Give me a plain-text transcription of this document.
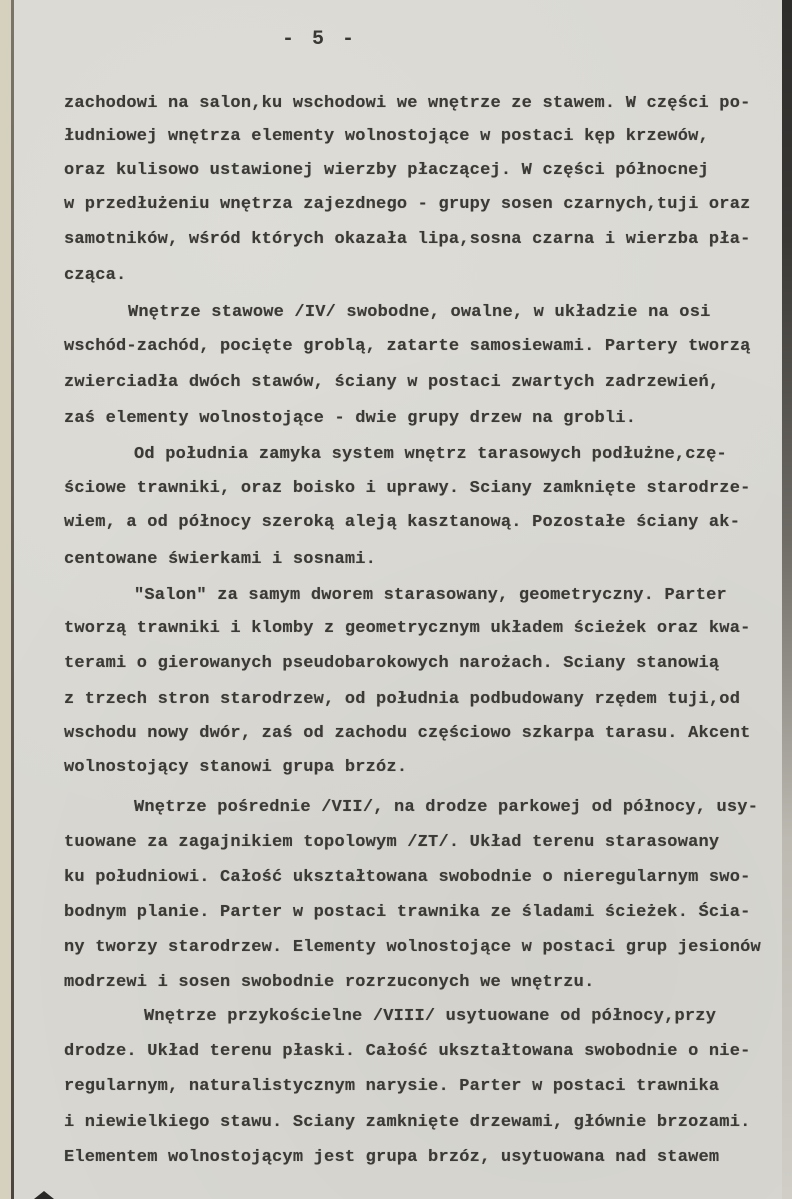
- 5 -
zachodowi na salon,ku wschodowi we wnętrze ze stawem. W części po-
łudniowej wnętrza elementy wolnostojące w postaci kęp krzewów,
oraz kulisowo ustawionej wierzby płaczącej. W części północnej
w przedłużeniu wnętrza zajezdnego - grupy sosen czarnych,tuji oraz
samotników, wśród których okazała lipa,sosna czarna i wierzba pła-
cząca.
Wnętrze stawowe /IV/ swobodne, owalne, w układzie na osi
wschód-zachód, pocięte groblą, zatarte samosiewami. Partery tworzą
zwierciadła dwóch stawów, ściany w postaci zwartych zadrzewień,
zaś elementy wolnostojące - dwie grupy drzew na grobli.
Od południa zamyka system wnętrz tarasowych podłużne,czę-
ściowe trawniki, oraz boisko i uprawy. Sciany zamknięte starodrze-
wiem, a od północy szeroką aleją kasztanową. Pozostałe ściany ak-
centowane świerkami i sosnami.
"Salon" za samym dworem starasowany, geometryczny. Parter
tworzą trawniki i klomby z geometrycznym układem ścieżek oraz kwa-
terami o gierowanych pseudobarokowych narożach. Sciany stanowią
z trzech stron starodrzew, od południa podbudowany rzędem tuji,od
wschodu nowy dwór, zaś od zachodu częściowo szkarpa tarasu. Akcent
wolnostojący stanowi grupa brzóz.
Wnętrze pośrednie /VII/, na drodze parkowej od północy, usy-
tuowane za zagajnikiem topolowym /ZT/. Układ terenu starasowany
ku południowi. Całość ukształtowana swobodnie o nieregularnym swo-
bodnym planie. Parter w postaci trawnika ze śladami ścieżek. Ścia-
ny tworzy starodrzew. Elementy wolnostojące w postaci grup jesionów
modrzewi i sosen swobodnie rozrzuconych we wnętrzu.
Wnętrze przykościelne /VIII/ usytuowane od północy,przy
drodze. Układ terenu płaski. Całość ukształtowana swobodnie o nie-
regularnym, naturalistycznym narysie. Parter w postaci trawnika
i niewielkiego stawu. Sciany zamknięte drzewami, głównie brzozami.
Elementem wolnostojącym jest grupa brzóz, usytuowana nad stawem
